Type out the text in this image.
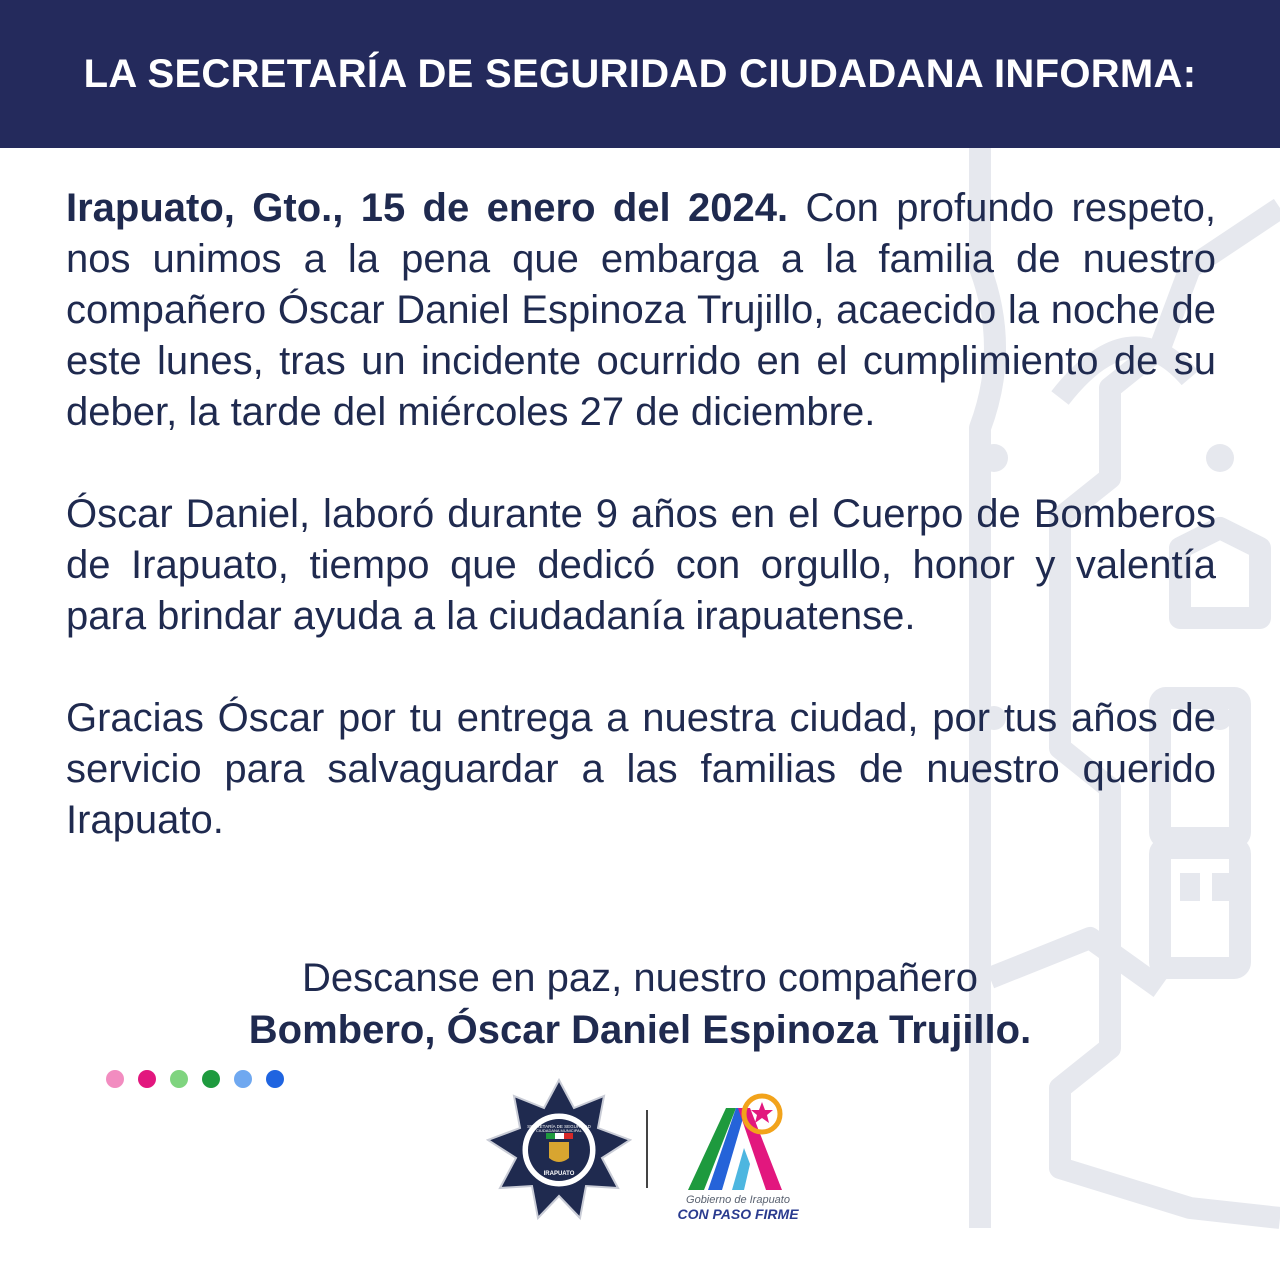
LA SECRETARÍA DE SEGURIDAD CIUDADANA INFORMA:

Irapuato, Gto., 15 de enero del 2024. Con profundo respeto, nos unimos a la pena que embarga a la familia de nuestro compañero Óscar Daniel Espinoza Trujillo, acaecido la noche de este lunes, tras un incidente ocurrido en el cumplimiento de su deber, la tarde del miércoles 27 de diciembre.

Óscar Daniel, laboró durante 9 años en el Cuerpo de Bomberos de Irapuato, tiempo que dedicó con orgullo, honor y valentía para brindar ayuda a la ciudadanía irapuatense.

Gracias Óscar por tu entrega a nuestra ciudad, por tus años de servicio para salvaguardar a las familias de nuestro querido Irapuato.

Descanse en paz, nuestro compañero
Bombero, Óscar Daniel Espinoza Trujillo.
SECRETARÍA DE SEGURIDAD
CIUDADANA MUNICIPAL
IRAPUATO
Gobierno de Irapuato
CON PASO FIRME
